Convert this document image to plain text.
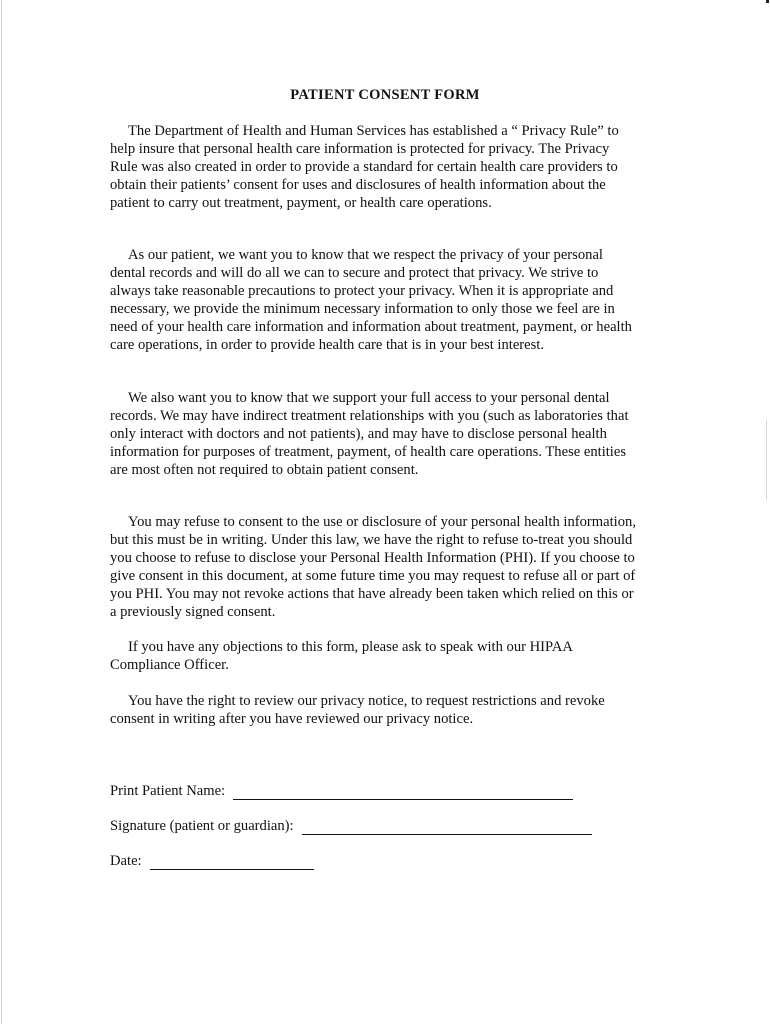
PATIENT CONSENT FORM

The Department of Health and Human Services has established a “ Privacy Rule” to help insure that personal health care information is protected for privacy. The Privacy Rule was also created in order to provide a standard for certain health care providers to obtain their patients’ consent for uses and disclosures of health information about the patient to carry out treatment, payment, or health care operations.

As our patient, we want you to know that we respect the privacy of your personal dental records and will do all we can to secure and protect that privacy. We strive to always take reasonable precautions to protect your privacy. When it is appropriate and necessary, we provide the minimum necessary information to only those we feel are in need of your health care information and information about treatment, payment, or health care operations, in order to provide health care that is in your best interest.

We also want you to know that we support your full access to your personal dental records. We may have indirect treatment relationships with you (such as laboratories that only interact with doctors and not patients), and may have to disclose personal health information for purposes of treatment, payment, of health care operations. These entities are most often not required to obtain patient consent.

You may refuse to consent to the use or disclosure of your personal health information, but this must be in writing. Under this law, we have the right to refuse to-treat you should you choose to refuse to disclose your Personal Health Information (PHI). If you choose to give consent in this document, at some future time you may request to refuse all or part of you PHI. You may not revoke actions that have already been taken which relied on this or a previously signed consent.

If you have any objections to this form, please ask to speak with our HIPAA Compliance Officer.

You have the right to review our privacy notice, to request restrictions and revoke consent in writing after you have reviewed our privacy notice.

Print Patient Name:
Signature (patient or guardian):
Date:
